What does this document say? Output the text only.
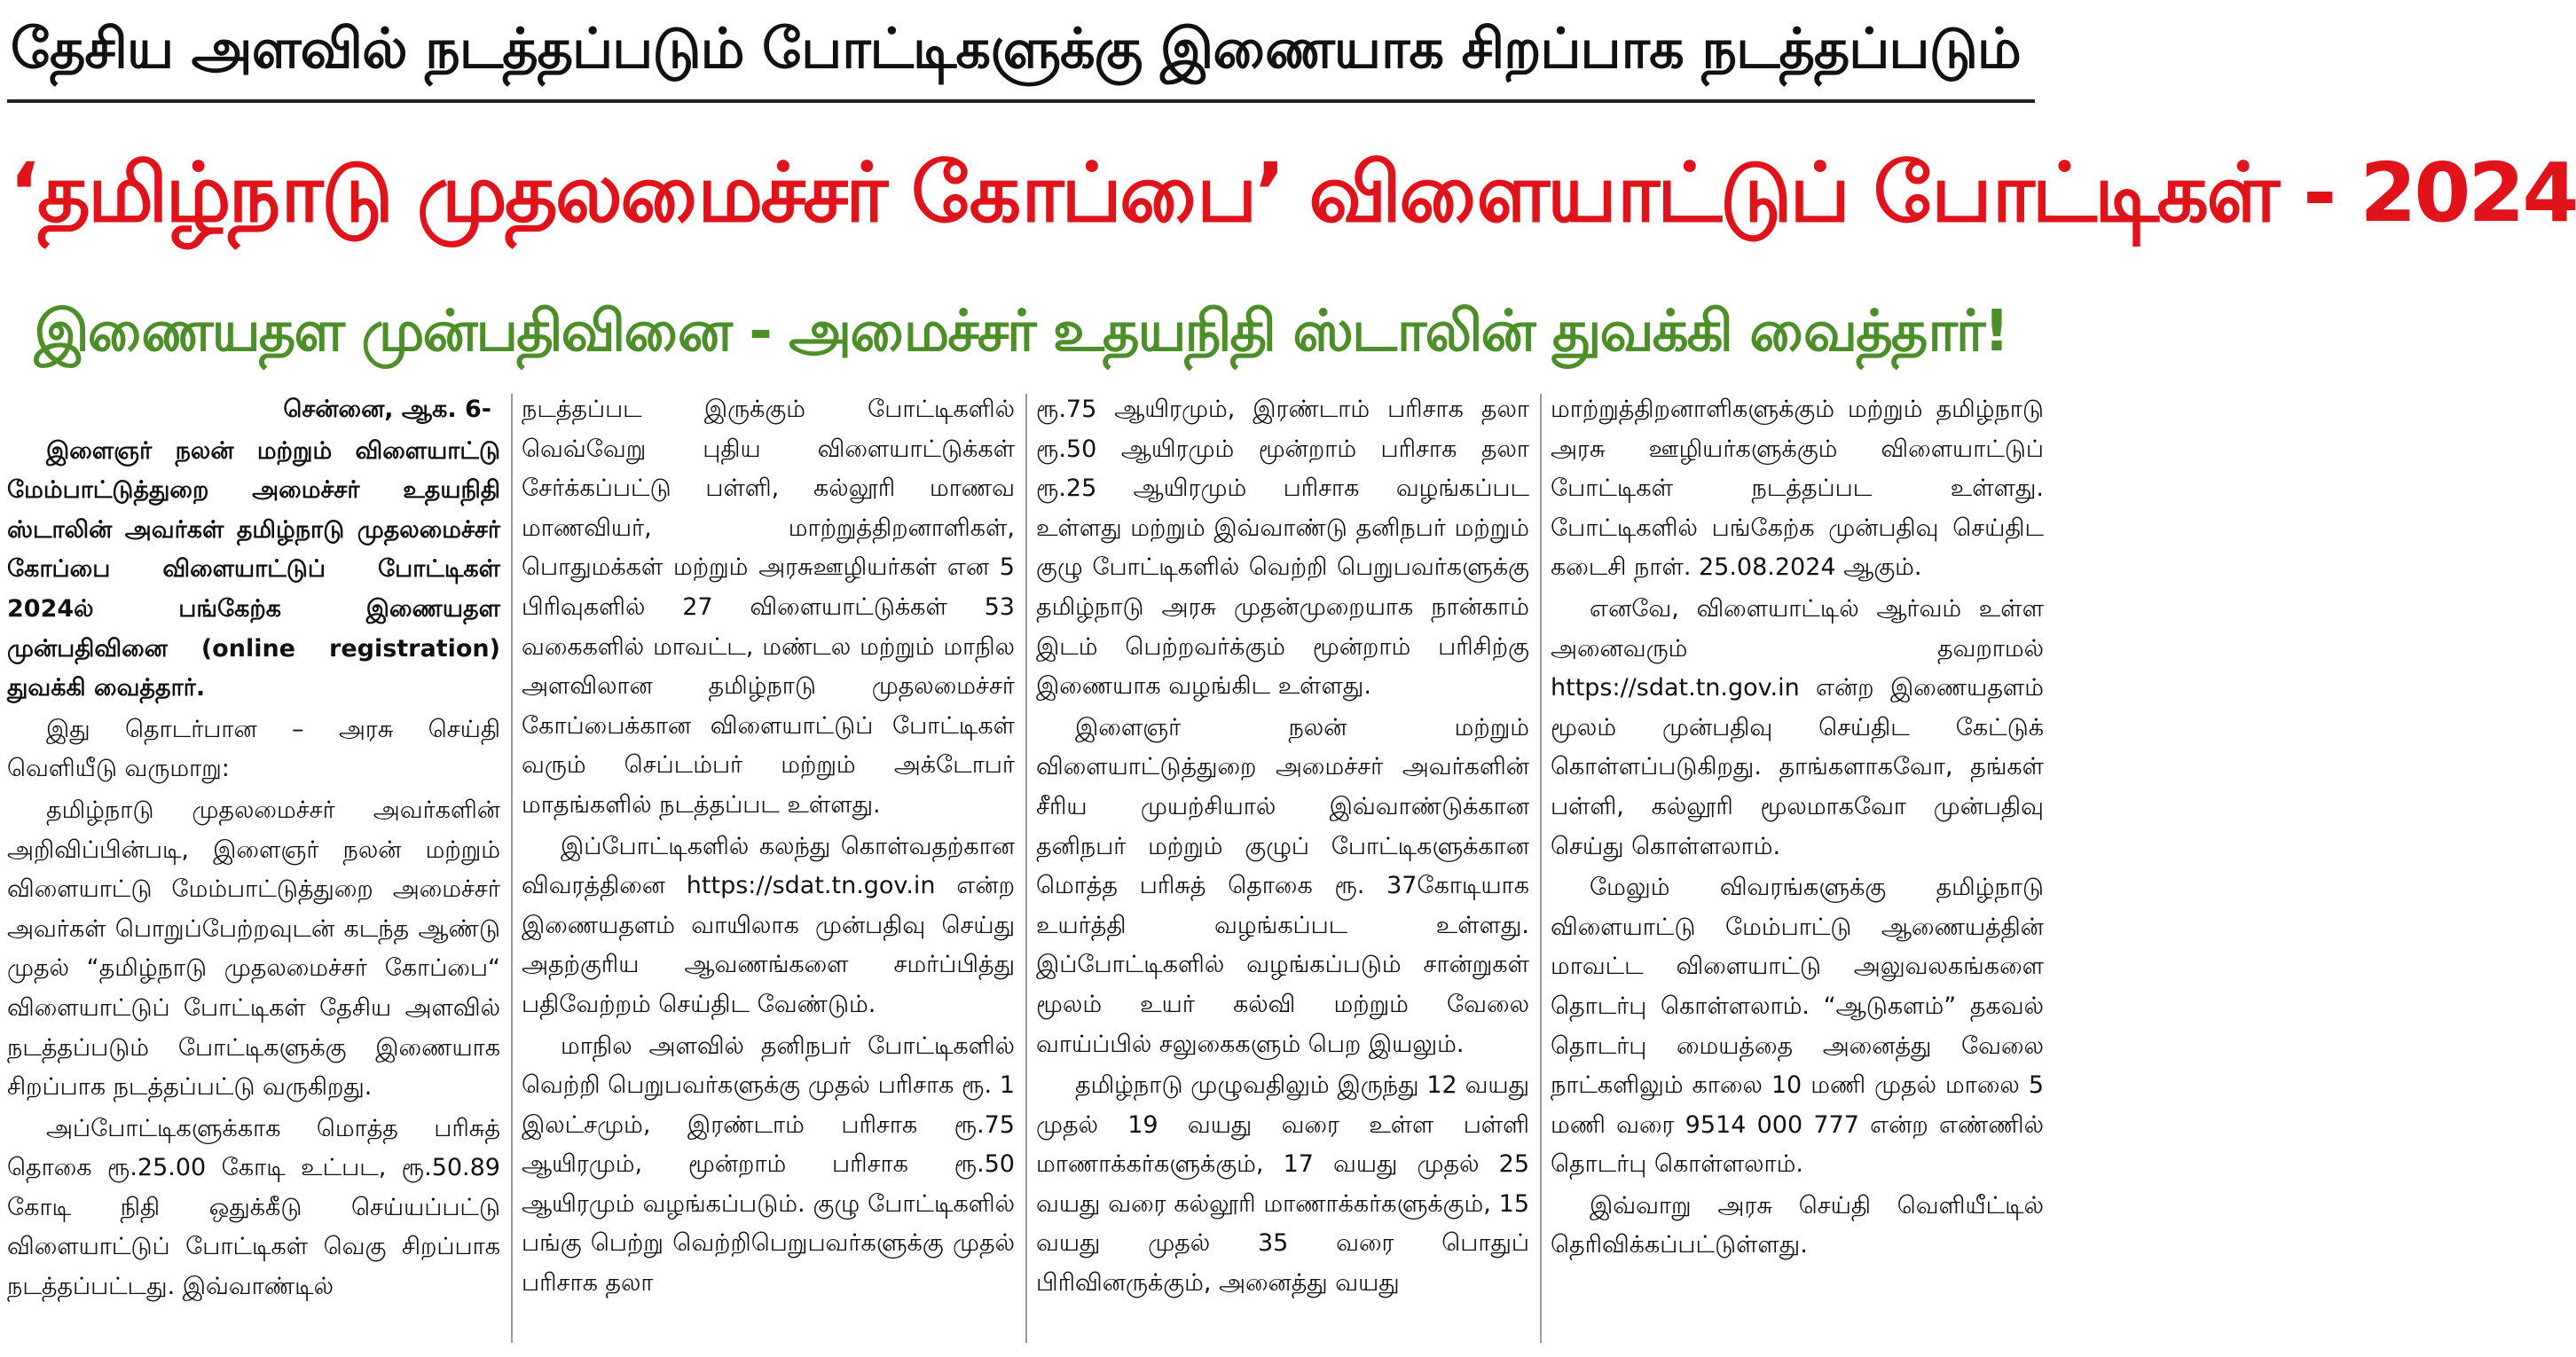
தேசிய அளவில் நடத்தப்படும் போட்டிகளுக்கு இணையாக சிறப்பாக நடத்தப்படும்
‘தமிழ்நாடு முதலமைச்சர் கோப்பை’ விளையாட்டுப் போட்டிகள் - 2024
இணையதள முன்பதிவினை - அமைச்சர் உதயநிதி ஸ்டாலின் துவக்கி வைத்தார்!

சென்னை, ஆக. 6-

இளைஞர் நலன் மற்றும் விளையாட்டு மேம்பாட்டுத்துறை அமைச்சர் உதயநிதி ஸ்டாலின் அவர்கள் தமிழ்நாடு முதலமைச்சர் கோப்பை விளையாட்டுப் போட்டிகள் 2024ல் பங்கேற்க இணையதள முன்பதிவினை (online registration) துவக்கி வைத்தார்.

இது தொடர்பான – அரசு செய்தி வெளியீடு வருமாறு:

தமிழ்நாடு முதலமைச்சர் அவர்களின் அறிவிப்பின்படி, இளைஞர் நலன் மற்றும் விளையாட்டு மேம்பாட்டுத்துறை அமைச்சர் அவர்கள் பொறுப்பேற்றவுடன் கடந்த ஆண்டு முதல் “தமிழ்நாடு முதலமைச்சர் கோப்பை“ விளையாட்டுப் போட்டிகள் தேசிய அளவில் நடத்தப்படும் போட்டிகளுக்கு இணையாக சிறப்பாக நடத்தப்பட்டு வருகிறது.

அப்போட்டிகளுக்காக மொத்த பரிசுத் தொகை ரூ.25.00 கோடி உட்பட, ரூ.50.89 கோடி நிதி ஒதுக்கீடு செய்யப்பட்டு விளையாட்டுப் போட்டிகள் வெகு சிறப்பாக நடத்தப்பட்டது. இவ்வாண்டில்

நடத்தப்பட இருக்கும் போட்டிகளில் வெவ்வேறு புதிய விளையாட்டுக்கள் சேர்க்கப்பட்டு பள்ளி, கல்லூரி மாணவ மாணவியர், மாற்றுத்திறனாளிகள், பொதுமக்கள் மற்றும் அரசுஊழியர்கள் என 5 பிரிவுகளில் 27 விளையாட்டுக்கள் 53 வகைகளில் மாவட்ட, மண்டல மற்றும் மாநில அளவிலான தமிழ்நாடு முதலமைச்சர் கோப்பைக்கான விளையாட்டுப் போட்டிகள் வரும் செப்டம்பர் மற்றும் அக்டோபர் மாதங்களில் நடத்தப்பட உள்ளது.

இப்போட்டிகளில் கலந்து கொள்வதற்கான விவரத்தினை https://sdat.tn.gov.in என்ற இணையதளம் வாயிலாக முன்பதிவு செய்து அதற்குரிய ஆவணங்களை சமர்ப்பித்து பதிவேற்றம் செய்திட வேண்டும்.

மாநில அளவில் தனிநபர் போட்டிகளில் வெற்றி பெறுபவர்களுக்கு முதல் பரிசாக ரூ. 1 இலட்சமும், இரண்டாம் பரிசாக ரூ.75 ஆயிரமும், மூன்றாம் பரிசாக ரூ.50 ஆயிரமும் வழங்கப்படும். குழு போட்டிகளில் பங்கு பெற்று வெற்றிபெறுபவர்களுக்கு முதல் பரிசாக தலா

ரூ.75 ஆயிரமும், இரண்டாம் பரிசாக தலா ரூ.50 ஆயிரமும் மூன்றாம் பரிசாக தலா ரூ.25 ஆயிரமும் பரிசாக வழங்கப்பட உள்ளது மற்றும் இவ்வாண்டு தனிநபர் மற்றும் குழு போட்டிகளில் வெற்றி பெறுபவர்களுக்கு தமிழ்நாடு அரசு முதன்முறையாக நான்காம் இடம் பெற்றவர்க்கும் மூன்றாம் பரிசிற்கு இணையாக வழங்கிட உள்ளது.

இளைஞர் நலன் மற்றும் விளையாட்டுத்துறை அமைச்சர் அவர்களின் சீரிய முயற்சியால் இவ்வாண்டுக்கான தனிநபர் மற்றும் குழுப் போட்டிகளுக்கான மொத்த பரிசுத் தொகை ரூ. 37கோடியாக உயர்த்தி வழங்கப்பட உள்ளது. இப்போட்டிகளில் வழங்கப்படும் சான்றுகள் மூலம் உயர் கல்வி மற்றும் வேலை வாய்ப்பில் சலுகைகளும் பெற இயலும்.

தமிழ்நாடு முழுவதிலும் இருந்து 12 வயது முதல் 19 வயது வரை உள்ள பள்ளி மாணாக்கர்களுக்கும், 17 வயது முதல் 25 வயது வரை கல்லூரி மாணாக்கர்களுக்கும், 15 வயது முதல் 35 வரை பொதுப் பிரிவினருக்கும், அனைத்து வயது

மாற்றுத்திறனாளிகளுக்கும் மற்றும் தமிழ்நாடு அரசு ஊழியர்களுக்கும் விளையாட்டுப் போட்டிகள் நடத்தப்பட உள்ளது. போட்டிகளில் பங்கேற்க முன்பதிவு செய்திட கடைசி நாள். 25.08.2024 ஆகும்.

எனவே, விளையாட்டில் ஆர்வம் உள்ள அனைவரும் தவறாமல் https://sdat.tn.gov.in என்ற இணையதளம் மூலம் முன்பதிவு செய்திட கேட்டுக் கொள்ளப்படுகிறது. தாங்களாகவோ, தங்கள் பள்ளி, கல்லூரி மூலமாகவோ முன்பதிவு செய்து கொள்ளலாம்.

மேலும் விவரங்களுக்கு தமிழ்நாடு விளையாட்டு மேம்பாட்டு ஆணையத்தின் மாவட்ட விளையாட்டு அலுவலகங்களை தொடர்பு கொள்ளலாம். “ஆடுகளம்” தகவல் தொடர்பு மையத்தை அனைத்து வேலை நாட்களிலும் காலை 10 மணி முதல் மாலை 5 மணி வரை 9514 000 777 என்ற எண்ணில் தொடர்பு கொள்ளலாம்.

இவ்வாறு அரசு செய்தி வெளியீட்டில் தெரிவிக்கப்பட்டுள்ளது.
